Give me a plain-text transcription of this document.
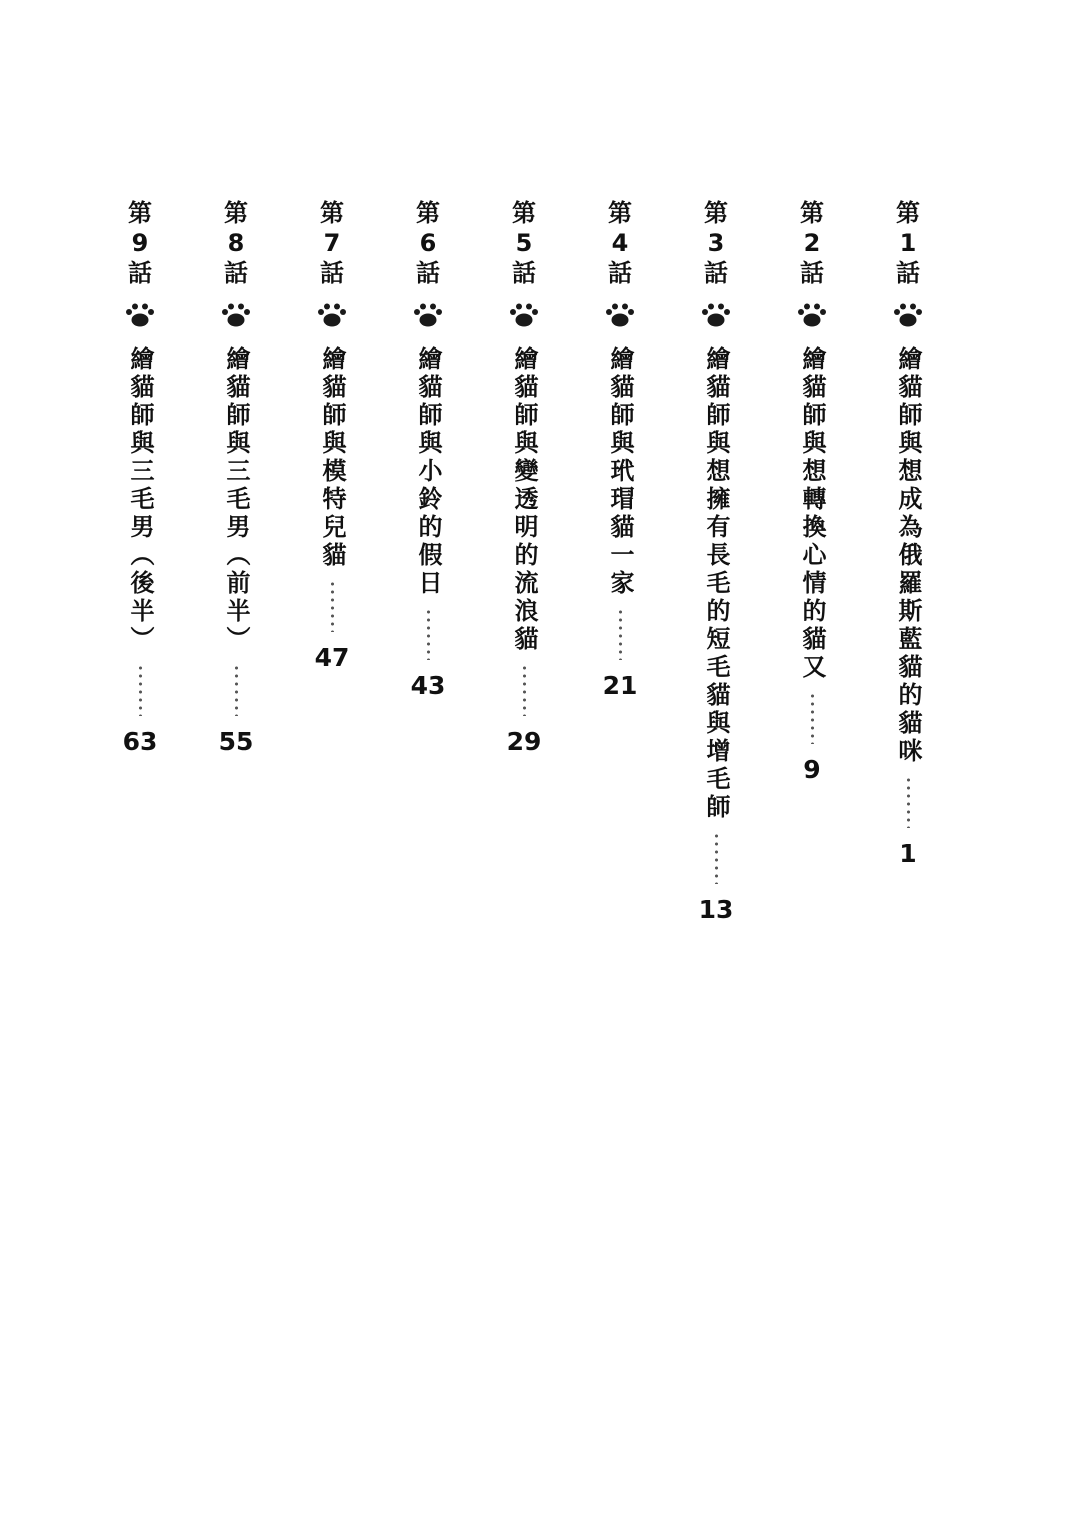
第
1
話
繪貓師與想成為俄羅斯藍貓的貓咪
1
第
2
話
繪貓師與想轉換心情的貓又
9
第
3
話
繪貓師與想擁有長毛的短毛貓與增毛師
13
第
4
話
繪貓師與玳瑁貓一家
21
第
5
話
繪貓師與變透明的流浪貓
29
第
6
話
繪貓師與小鈴的假日
43
第
7
話
繪貓師與模特兒貓
47
第
8
話
繪貓師與三毛男（前半）
55
第
9
話
繪貓師與三毛男（後半）
63
